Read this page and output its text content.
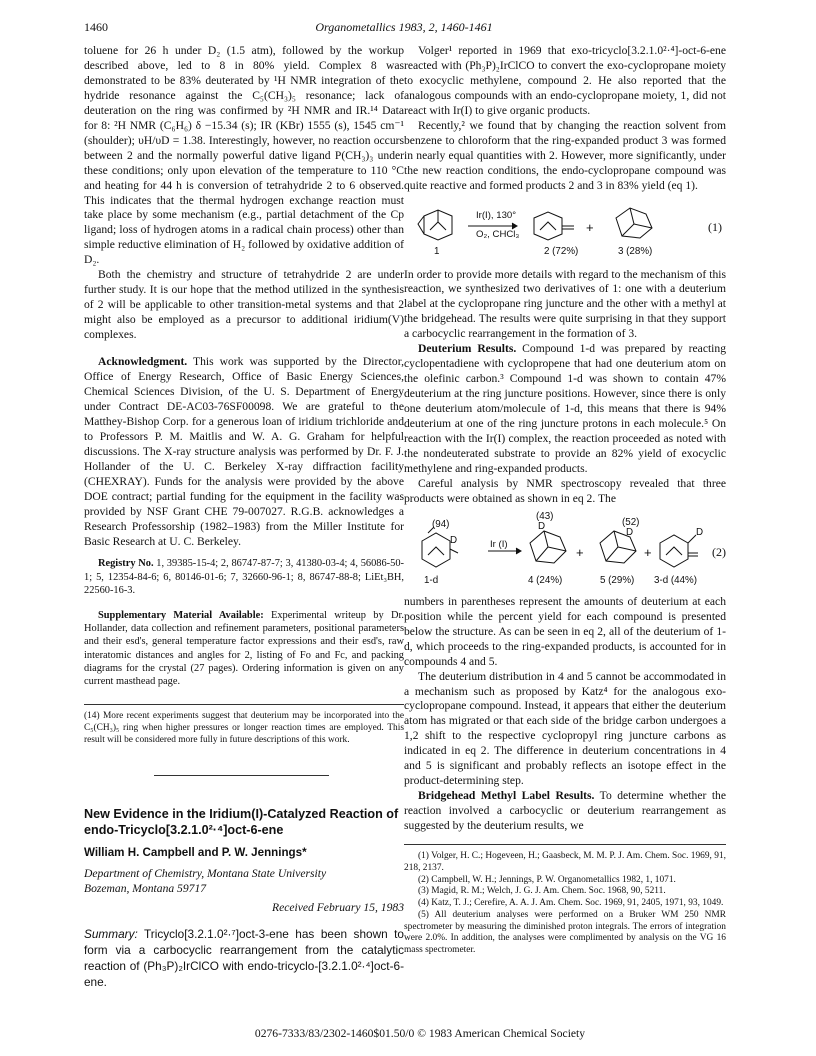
1460	Organometallics 1983, 2, 1460-1461

toluene for 26 h under D₂ (1.5 atm), followed by the workup described above, led to 8 in 80% yield. Complex 8 was demonstrated to be 83% deuterated by ¹H NMR integration of the hydride resonance against the C₅(CH₃)₅ resonance; lack of deuteration on the ring was confirmed by ²H NMR and IR.¹⁴ Data for 8: ²H NMR (C₆H₆) δ −15.34 (s); IR (KBr) 1555 (s), 1545 cm⁻¹ (shoulder); υH/υD = 1.38. Interestingly, however, no reaction occurs between 2 and the normally powerful dative ligand P(CH₃)₃ under these conditions; only upon elevation of the temperature to 110 °C and heating for 44 h is conversion of tetrahydride 2 to 6 observed. This indicates that the thermal hydrogen exchange reaction must take place by some mechanism (e.g., partial detachment of the Cp ligand; loss of hydrogen atoms in a radical chain process) other than simple reductive elimination of H₂ followed by oxidative addition of D₂.

Both the chemistry and structure of tetrahydride 2 are under further study. It is our hope that the method utilized in the synthesis of 2 will be applicable to other transition-metal systems and that 2 might also be employed as a precursor to additional iridium(V) complexes.

Acknowledgment. This work was supported by the Director, Office of Energy Research, Office of Basic Energy Sciences, Chemical Sciences Division, of the U. S. Department of Energy under Contract DE-AC03-76SF00098. We are grateful to the Matthey-Bishop Corp. for a generous loan of iridium trichloride and to Professors P. M. Maitlis and W. A. G. Graham for helpful discussions. The X-ray structure analysis was performed by Dr. F. J. Hollander of the U. C. Berkeley X-ray diffraction facility (CHEXRAY). Funds for the analysis were provided by the above DOE contract; partial funding for the equipment in the facility was provided by NSF Grant CHE 79-007027. R.G.B. acknowledges a Research Professorship (1982–1983) from the Miller Institute for Basic Research at U. C. Berkeley.

Registry No. 1, 39385-15-4; 2, 86747-87-7; 3, 41380-03-4; 4, 56086-50-1; 5, 12354-84-6; 6, 80146-01-6; 7, 32660-96-1; 8, 86747-88-8; LiEt₃BH, 22560-16-3.

Supplementary Material Available: Experimental writeup by Dr. Hollander, data collection and refinement parameters, positional parameters and their esd's, general temperature factor expressions and their esd's, raw interatomic distances and angles for 2, listing of Fo and Fc, and packing diagrams for the crystal (27 pages). Ordering information is given on any current masthead page.

(14) More recent experiments suggest that deuterium may be incorporated into the C₅(CH₃)₅ ring when higher pressures or longer reaction times are employed. This result will be considered more fully in future descriptions of this work.

New Evidence in the Iridium(I)-Catalyzed Reaction of endo-Tricyclo[3.2.1.0²·⁴]oct-6-ene
William H. Campbell and P. W. Jennings*
Department of Chemistry, Montana State University
Bozeman, Montana 59717
Received February 15, 1983
Summary: Tricyclo[3.2.1.0²·⁷]oct-3-ene has been shown to form via a carbocyclic rearrangement from the catalytic reaction of (Ph₃P)₂IrClCO with endo-tricyclo-[3.2.1.0²·⁴]oct-6-ene.

Volger¹ reported in 1969 that exo-tricyclo[3.2.1.0²·⁴]-oct-6-ene reacted with (Ph₃P)₂IrClCO to convert the exo-cyclopropane moiety to exocyclic methylene, compound 2. He also reported that the analogous compounds with an endo-cyclopropane moiety, 1, did not react with Ir(I) to give organic products.

Recently,² we found that by changing the reaction solvent from benzene to chloroform that the ring-expanded product 3 was formed in nearly equal quantities with 2. However, more significantly, under the new reaction conditions, the endo-cyclopropane compound was quite reactive and formed products 2 and 3 in 83% yield (eq 1).

Ir(I), 130°
O₂, CHCl₃
1
+
2 (72%)	3 (28%)
(1)

In order to provide more details with regard to the mechanism of this reaction, we synthesized two derivatives of 1: one with a deuterium label at the cyclopropane ring juncture and the other with a methyl at the bridgehead. The results were quite surprising in that they support a carbocyclic rearrangement in the formation of 3.

Deuterium Results. Compound 1-d was prepared by reacting cyclopentadiene with cyclopropene that had one deuterium atom on the olefinic carbon.³ Compound 1-d was shown to contain 47% deuterium at the ring juncture positions. However, since there is only one deuterium atom/molecule of 1-d, this means that there is 94% deuterium at one of the ring juncture protons in each molecule.⁵ On reaction with the Ir(I) complex, the reaction proceeded as noted with the nondeuterated substrate to provide an 82% yield of exocyclic methylene and ring-expanded products.

Careful analysis by NMR spectroscopy revealed that three products were obtained as shown in eq 2. The

(94)
D	Ir (I)
(43)
D
+
(52)
D
+
D
1-d	4 (24%)	5 (29%) 3-d (44%)
(2)

numbers in parentheses represent the amounts of deuterium at each position while the percent yield for each compound is presented below the structure. As can be seen in eq 2, all of the deuterium of 1-d, which proceeds to the ring-expanded products, is accounted for in compounds 4 and 5.

The deuterium distribution in 4 and 5 cannot be accommodated in a mechanism such as proposed by Katz⁴ for the analogous exo-cyclopropane compound. Instead, it appears that either the deuterium atom has migrated or that each side of the bridge carbon undergoes a 1,2 shift to the respective cyclopropyl ring juncture carbons as indicated in eq 2. The difference in deuterium concentrations in 4 and 5 is significant and probably reflects an isotope effect in the product-determining step.

Bridgehead Methyl Label Results. To determine whether the reaction involved a carbocyclic or deuterium rearrangement as suggested by the deuterium results, we

(1) Volger, H. C.; Hogeveen, H.; Gaasbeck, M. M. P. J. Am. Chem. Soc. 1969, 91, 218, 2137.

(2) Campbell, W. H.; Jennings, P. W. Organometallics 1982, 1, 1071.

(3) Magid, R. M.; Welch, J. G. J. Am. Chem. Soc. 1968, 90, 5211.

(4) Katz, T. J.; Cerefire, A. A. J. Am. Chem. Soc. 1969, 91, 2405, 1971, 93, 1049.

(5) All deuterium analyses were performed on a Bruker WM 250 NMR spectrometer by measuring the diminished proton integrals. The errors of integration were 2.0%. In addition, the analyses were complimented by analysis on the VG 16 mass spectrometer.

0276-7333/83/2302-1460$01.50/0 © 1983 American Chemical Society
